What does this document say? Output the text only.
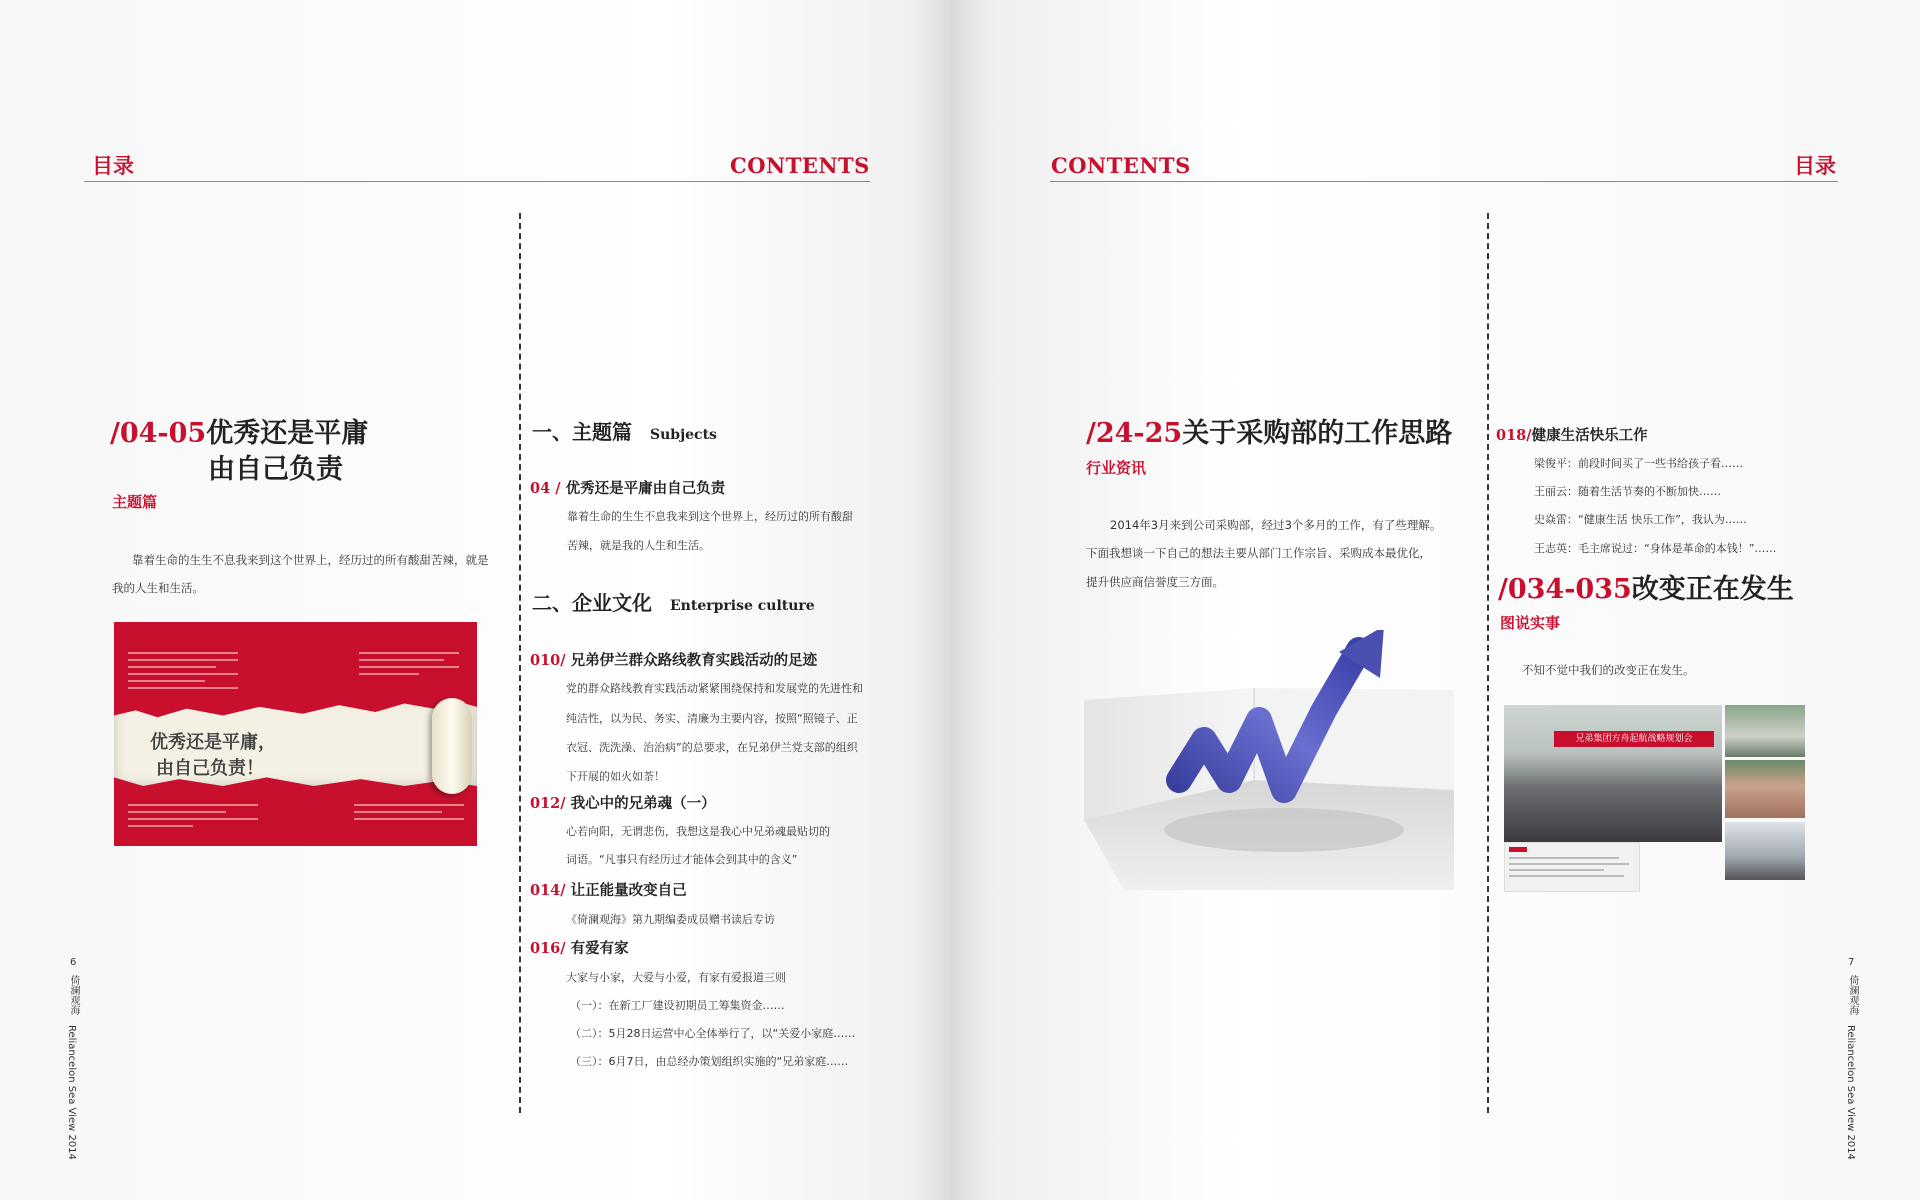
目录	CONTENTS
/04-05优秀还是平庸
由自己负责
主题篇
靠着生命的生生不息我来到这个世界上，经历过的所有酸甜苦辣，就是
我的人生和生活。
优秀还是平庸，
由自己负责！
一、主题篇 Subjects
04 / 优秀还是平庸由自己负责
靠着生命的生生不息我来到这个世界上，经历过的所有酸甜
苦辣，就是我的人生和生活。
二、企业文化 Enterprise culture
010/ 兄弟伊兰群众路线教育实践活动的足迹
党的群众路线教育实践活动紧紧围绕保持和发展党的先进性和
纯洁性，以为民、务实、清廉为主要内容，按照“照镜子、正
衣冠、洗洗澡、治治病”的总要求，在兄弟伊兰党支部的组织
下开展的如火如荼！
012/ 我心中的兄弟魂（一）
心若向阳，无谓悲伤，我想这是我心中兄弟魂最贴切的
词语。“凡事只有经历过才能体会到其中的含义”
014/ 让正能量改变自己
《倚澜观海》第九期编委成员赠书读后专访
016/ 有爱有家
大家与小家，大爱与小爱，有家有爱报道三则
（一）：在新工厂建设初期员工筹集资金……
（二）：5月28日运营中心全体举行了，以“关爱小家庭……
（三）：6月7日，由总经办策划组织实施的“兄弟家庭……
6
倚澜观海
Reliancelon Sea View 2014
CONTENTS	目录
/24-25关于采购部的工作思路
行业资讯
2014年3月来到公司采购部，经过3个多月的工作，有了些理解。
下面我想谈一下自己的想法主要从部门工作宗旨、采购成本最优化，
提升供应商信誉度三方面。
018/健康生活快乐工作
梁俊平：前段时间买了一些书给孩子看……
王丽云：随着生活节奏的不断加快……
史焱雷：“健康生活 快乐工作”，我认为……
王志英：毛主席说过：“身体是革命的本钱！”……
/034-035改变正在发生
图说实事
不知不觉中我们的改变正在发生。
兄弟集团方舟起航战略规划会
7
倚澜观海
Reliancelon Sea View 2014
